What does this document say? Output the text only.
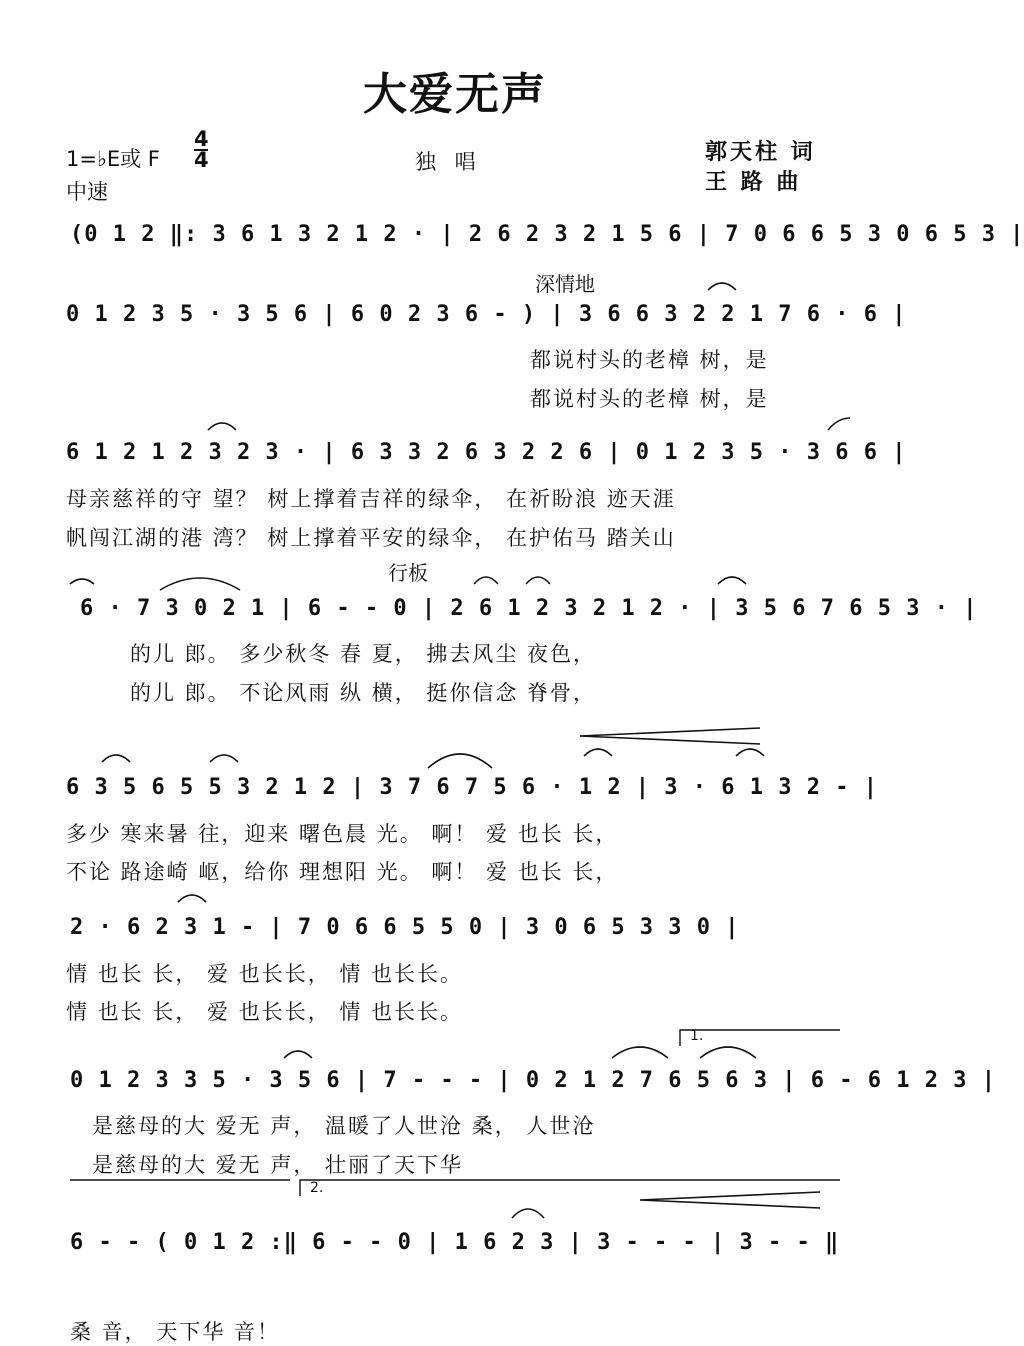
大爱无声
1=♭E或 F
4
4
中速
独 唱	郭天柱 词
王 路 曲
(0 1 2 ‖: 3 6 1 3 2 1 2 · | 2 6 2 3 2 1 5 6 | 7 0 6 6 5 3 0 6 5 3 |
深情地
0 1 2 3 5 · 3 5 6 | 6 0 2 3 6 - ) | 3 6 6 3 2 2 1 7 6 · 6 |
都说村头的老樟 树，是
都说村头的老樟 树，是
6 1 2 1 2 3 2 3 · | 6 3 3 2 6 3 2 2 6 | 0 1 2 3 5 · 3 6 6 |
母亲慈祥的守 望？ 树上撑着吉祥的绿伞， 在祈盼浪 迹天涯
帆闯江湖的港 湾？ 树上撑着平安的绿伞， 在护佑马 踏关山
行板
6 · 7 3 0 2 1 | 6 - - 0 | 2 6 1 2 3 2 1 2 · | 3 5 6 7 6 5 3 · |
的儿 郎。 多少秋冬 春 夏， 拂去风尘 夜色，
的儿 郎。 不论风雨 纵 横， 挺你信念 脊骨，
6 3 5 6 5 5 3 2 1 2 | 3 7 6 7 5 6 · 1 2 | 3 · 6 1 3 2 - |
多少 寒来暑 往，迎来 曙色晨 光。 啊！ 爱 也长 长，
不论 路途崎 岖，给你 理想阳 光。 啊！ 爱 也长 长，
2 · 6 2 3 1 - | 7 0 6 6 5 5 0 | 3 0 6 5 3 3 0 |
情 也长 长， 爱 也长长， 情 也长长。
情 也长 长， 爱 也长长， 情 也长长。
1.
0 1 2 3 3 5 · 3 5 6 | 7 - - - | 0 2 1 2 7 6 5 6 3 | 6 - 6 1 2 3 |
是慈母的大 爱无 声， 温暖了人世沧 桑， 人世沧
是慈母的大 爱无 声， 壮丽了天下华
2.
6 - - ( 0 1 2 :‖ 6 - - 0 | 1 6 2 3 | 3 - - - | 3 - - ‖
桑 音， 天下华 音！
